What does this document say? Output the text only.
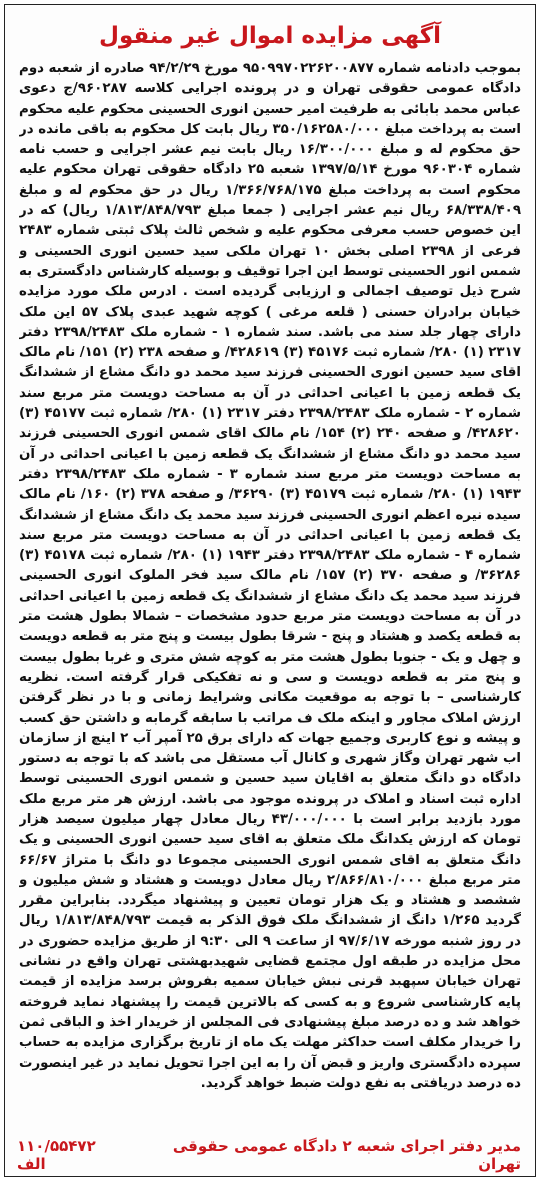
آگهی مزایده اموال غیر منقول
بموجب دادنامه شماره ۹۵۰۹۹۷۰۲۲۶۲۰۰۸۷۷ مورخ ۹۴/۲/۲۹ صادره از شعبه دوم دادگاه عمومی حقوقی تهران و در پرونده اجرایی کلاسه ۹۶۰۲۸۷/ج دعوی عباس محمد بابائی به طرفیت امیر حسین انوری الحسینی محکوم علیه محکوم است به پرداخت مبلغ ۳۵۰/۱۶۲۵۸۰/۰۰۰ ریال بابت کل محکوم به باقی مانده در حق محکوم له و مبلغ ۱۶/۳۰۰/۰۰۰ ریال بابت نیم عشر اجرایی و حسب نامه شماره ۹۶۰۳۰۴ مورخ ۱۳۹۷/۵/۱۴ شعبه ۲۵ دادگاه حقوقی تهران محکوم علیه محکوم است به پرداخت مبلغ ۱/۳۶۶/۷۶۸/۱۷۵ ریال در حق محکوم له و مبلغ ۶۸/۳۳۸/۴۰۹ ریال نیم عشر اجرایی ( جمعا مبلغ ۱/۸۱۳/۸۴۸/۷۹۳ ریال) که در این خصوص حسب معرفی محکوم علیه و شخص ثالث پلاک ثبتی شماره ۲۴۸۳ فرعی از ۲۳۹۸ اصلی بخش ۱۰ تهران ملکی سید حسین انوری الحسینی و شمس انور الحسینی توسط این اجرا توقیف و بوسیله کارشناس دادگستری به شرح ذیل توصیف اجمالی و ارزیابی گردیده است . ادرس ملک مورد مزایده خیابان برادران حسنی ( قلعه مرغی ) کوچه شهید عبدی پلاک ۵۷ این ملک دارای چهار جلد سند می باشد. سند شماره ۱ - شماره ملک ۲۳۹۸/۲۴۸۳ دفتر ۲۳۱۷ (۱) ۲۸۰/ شماره ثبت ۴۵۱۷۶ (۳) ۴۲۸۶۱۹/ و صفحه ۲۳۸ (۲) ۱۵۱/ نام مالک اقای سید حسین انوری الحسینی فرزند سید محمد دو دانگ مشاع از ششدانگ یک قطعه زمین با اعیانی احداثی در آن به مساحت دویست متر مربع سند شماره ۲ - شماره ملک ۲۳۹۸/۲۴۸۳ دفتر ۲۳۱۷ (۱) ۲۸۰/ شماره ثبت ۴۵۱۷۷ (۳) ۴۲۸۶۲۰/ و صفحه ۲۴۰ (۲) ۱۵۴/ نام مالک اقای شمس انوری الحسینی فرزند سید محمد دو دانگ مشاع از ششدانگ یک قطعه زمین با اعیانی احداثی در آن به مساحت دویست متر مربع سند شماره ۳ - شماره ملک ۲۳۹۸/۲۴۸۳ دفتر ۱۹۴۳ (۱) ۲۸۰/ شماره ثبت ۴۵۱۷۹ (۳) ۳۶۲۹۰/ و صفحه ۳۷۸ (۲) ۱۶۰/ نام مالک سیده نیره اعظم انوری الحسینی فرزند سید محمد یک دانگ مشاع از ششدانگ یک قطعه زمین با اعیانی احداثی در آن به مساحت دویست متر مربع سند شماره ۴ - شماره ملک ۲۳۹۸/۲۴۸۳ دفتر ۱۹۴۳ (۱) ۲۸۰/ شماره ثبت ۴۵۱۷۸ (۳) ۳۶۲۸۶/ و صفحه ۳۷۰ (۲) ۱۵۷/ نام مالک سید فخر الملوک انوری الحسینی فرزند سید محمد یک دانگ مشاع از ششدانگ یک قطعه زمین با اعیانی احداثی در آن به مساحت دویست متر مربع حدود مشخصات – شمالا بطول هشت متر به قطعه یکصد و هشتاد و پنج - شرقا بطول بیست و پنج متر به قطعه دویست و چهل و یک - جنوبا بطول هشت متر به کوچه شش متری و غربا بطول بیست و پنج متر به قطعه دویست و سی و نه تفکیکی قرار گرفته است. نظریه کارشناسی – با توجه به موقعیت مکانی وشرایط زمانی و با در نظر گرفتن ارزش املاک مجاور و اینکه ملک ف مراتب با سابقه گرمابه و داشتن حق کسب و پیشه و نوع کاربری وجمیع جهات که دارای برق ۲۵ آمپر آب ۲ اینچ از سازمان اب شهر تهران وگاز شهری و کانال آب مستقل می باشد که با توجه به دستور دادگاه دو دانگ متعلق به اقایان سید حسین و شمس انوری الحسینی توسط اداره ثبت اسناد و املاک در پرونده موجود می باشد. ارزش هر متر مربع ملک مورد بازدید برابر است با ۴۳/۰۰۰/۰۰۰ ریال معادل چهار میلیون سیصد هزار تومان که ارزش یکدانگ ملک متعلق به اقای سید حسین انوری الحسینی و یک دانگ متعلق به اقای شمس انوری الحسینی مجموعا دو دانگ با متراژ ۶۶/۶۷ متر مربع مبلغ ۲/۸۶۶/۸۱۰/۰۰۰ ریال معادل دویست و هشتاد و شش میلیون و ششصد و هشتاد و یک هزار تومان تعیین و پیشنهاد میگردد. بنابراین مقرر گردید ۱/۲۶۵ دانگ از ششدانگ ملک فوق الذکر به قیمت ۱/۸۱۳/۸۴۸/۷۹۳ ریال در روز شنبه مورخه ۹۷/۶/۱۷ از ساعت ۹ الی ۹:۳۰ از طریق مزایده حضوری در محل مزایده در طبقه اول مجتمع قضایی شهیدبهشتی تهران واقع در نشانی تهران خیابان سپهبد قرنی نبش خیابان سمیه بفروش برسد مزایده از قیمت پایه کارشناسی شروع و به کسی که بالاترین قیمت را پیشنهاد نماید فروخته خواهد شد و ده درصد مبلغ پیشنهادی فی المجلس از خریدار اخذ و الباقی ثمن را خریدار مکلف است حداکثر مهلت یک ماه از تاریخ برگزاری مزایده به حساب سپرده دادگستری واریز و قبض آن را به این اجرا تحویل نماید در غیر اینصورت ده درصد دریافتی به نفع دولت ضبط خواهد گردید.
مدیر دفتر اجرای شعبه ۲ دادگاه عمومی حقوقی تهران
۱۱۰/۵۵۴۷۲ الف
